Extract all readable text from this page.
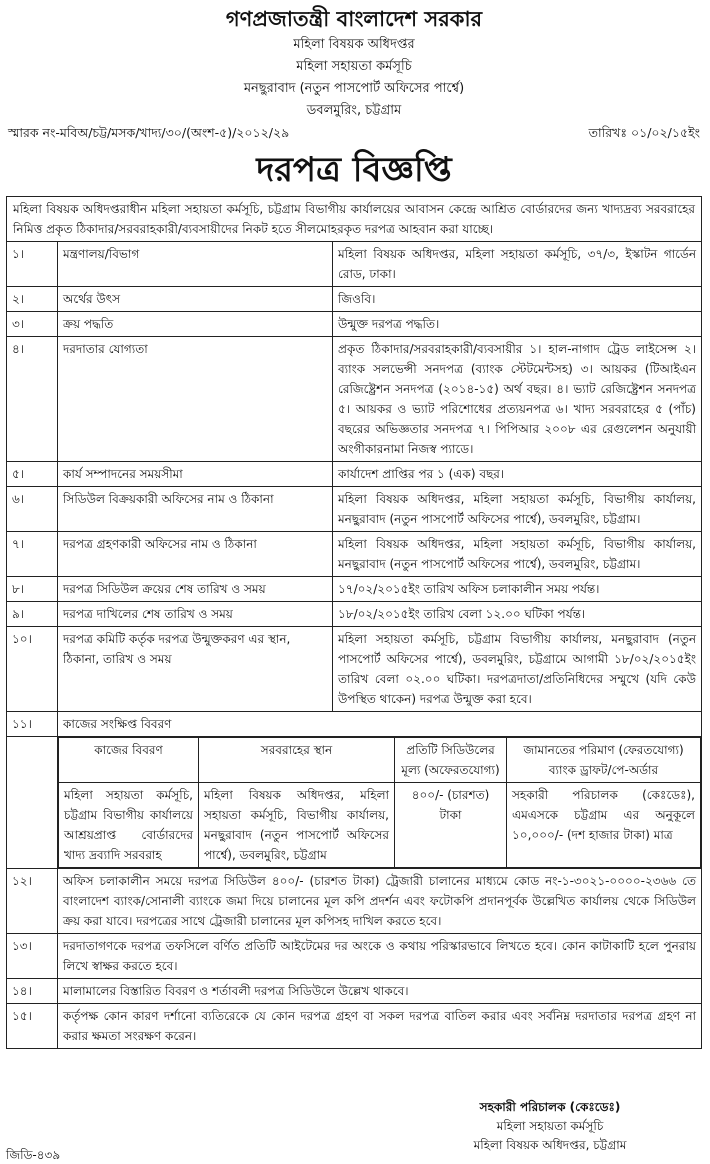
গণপ্রজাতন্ত্রী বাংলাদেশ সরকার
মহিলা বিষয়ক অধিদপ্তর
মহিলা সহায়তা কর্মসূচি
মনছুরাবাদ (নতুন পাসপোর্ট অফিসের পার্শ্বে)
ডবলমুরিং, চট্টগ্রাম
স্মারক নং-মবিঅ/চট্ট/মসক/খাদ্য/৩০/(অংশ-৫)/২০১২/২৯	তারিখঃ ০১/০২/১৫ইং
দরপত্র বিজ্ঞপ্তি
মহিলা বিষয়ক অধিদপ্তরাধীন মহিলা সহায়তা কর্মসূচি, চট্টগ্রাম বিভাগীয় কার্যালয়ের আবাসন কেন্দ্রে আশ্রিত বোর্ডারদের জন্য খাদ্যদ্রব্য সরবরাহের নিমিত্ত প্রকৃত ঠিকাদার/সরবরাহকারী/ব্যবসায়ীদের নিকট হতে সীলমোহরকৃত দরপত্র আহবান করা যাচ্ছে।
১।	মন্ত্রণালয়/বিভাগ	মহিলা বিষয়ক অধিদপ্তর, মহিলা সহায়তা কর্মসূচি, ৩৭/৩, ইস্কাটন গার্ডেন রোড, ঢাকা।
২।	অর্থের উৎস	জিওবি।
৩।	ক্রয় পদ্ধতি	উন্মুক্ত দরপত্র পদ্ধতি।
৪।	দরদাতার যোগ্যতা	প্রকৃত ঠিকাদার/সরবরাহকারী/ব্যবসায়ীর ১। হাল-নাগাদ ট্রেড লাইসেন্স ২। ব্যাংক সলভেন্সী সনদপত্র (ব্যাংক স্টেটমেন্টসহ) ৩। আয়কর (টিআইএন রেজিষ্ট্রেশন সনদপত্র (২০১৪-১৫) অর্থ বছর। ৪। ভ্যাট রেজিষ্ট্রেশন সনদপত্র ৫। আয়কর ও ভ্যাট পরিশোধের প্রত্যয়নপত্র ৬। খাদ্য সরবরাহের ৫ (পাঁচ) বছরের অভিজ্ঞতার সনদপত্র ৭। পিপিআর ২০০৮ এর রেগুলেশন অনুযায়ী অংগীকারনামা নিজস্ব প্যাডে।
৫।	কার্য সম্পাদনের সময়সীমা	কার্যাদেশ প্রাপ্তির পর ১ (এক) বছর।
৬।	সিডিউল বিক্রয়কারী অফিসের নাম ও ঠিকানা	মহিলা বিষয়ক অধিদপ্তর, মহিলা সহায়তা কর্মসূচি, বিভাগীয় কার্যালয়, মনছুরাবাদ (নতুন পাসপোর্ট অফিসের পার্শ্বে), ডবলমুরিং, চট্টগ্রাম।
৭।	দরপত্র গ্রহণকারী অফিসের নাম ও ঠিকানা	মহিলা বিষয়ক অধিদপ্তর, মহিলা সহায়তা কর্মসূচি, বিভাগীয় কার্যালয়, মনছুরাবাদ (নতুন পাসপোর্ট অফিসের পার্শ্বে), ডবলমুরিং, চট্টগ্রাম।
৮।	দরপত্র সিডিউল ক্রয়ের শেষ তারিখ ও সময়	১৭/০২/২০১৫ইং তারিখ অফিস চলাকালীন সময় পর্যন্ত।
৯।	দরপত্র দাখিলের শেষ তারিখ ও সময়	১৮/০২/২০১৫ইং তারিখ বেলা ১২.০০ ঘটিকা পর্যন্ত।
১০।	দরপত্র কমিটি কর্তৃক দরপত্র উন্মুক্তকরণ এর স্থান, ঠিকানা, তারিখ ও সময়	মহিলা সহায়তা কর্মসূচি, চট্টগ্রাম বিভাগীয় কার্যালয়, মনছুরাবাদ (নতুন পাসপোর্ট অফিসের পার্শ্বে), ডবলমুরিং, চট্টগ্রামে আগামী ১৮/০২/২০১৫ইং তারিখ বেলা ০২.০০ ঘটিকা। দরপত্রদাতা/প্রতিনিধিদের সম্মুখে (যদি কেউ উপস্থিত থাকেন) দরপত্র উন্মুক্ত করা হবে।
১১।	কাজের সংক্ষিপ্ত বিবরণ

কাজের বিবরণ	সরবরাহের স্থান	প্রতিটি সিডিউলের মূল্য (অফেরতযোগ্য)	জামানতের পরিমাণ (ফেরতযোগ্য) ব্যাংক ড্রাফট/পে-অর্ডার
মহিলা সহায়তা কর্মসূচি, চট্টগ্রাম বিভাগীয় কার্যালয়ে আশ্রয়প্রাপ্ত বোর্ডারদের খাদ্য দ্রব্যাদি সরবরাহ	মহিলা বিষয়ক অধিদপ্তর, মহিলা সহায়তা কর্মসূচি, বিভাগীয় কার্যালয়, মনছুরাবাদ (নতুন পাসপোর্ট অফিসের পার্শ্বে), ডবলমুরিং, চট্টগ্রাম	৪০০/- (চারশত) টাকা	সহকারী পরিচালক (কেঃডেঃ), এমএসকে চট্টগ্রাম এর অনুকূলে ১০,০০০/- (দশ হাজার টাকা) মাত্র

১২।	অফিস চলাকালীন সময়ে দরপত্র সিডিউল ৪০০/- (চারশত টাকা) ট্রেজারী চালানের মাধ্যমে কোড নং-১-৩০২১-০০০০-২৩৬৬ তে বাংলাদেশ ব্যাংক/সোনালী ব্যাংকে জমা দিয়ে চালানের মূল কপি প্রদর্শন এবং ফটোকপি প্রদানপূর্বক উল্লেখিত কার্যালয় থেকে সিডিউল ক্রয় করা যাবে। দরপত্রের সাথে ট্রেজারী চালানের মূল কপিসহ দাখিল করতে হবে।
১৩।	দরদাতাগণকে দরপত্র তফসিলে বর্ণিত প্রতিটি আইটেমের দর অংকে ও কথায় পরিস্কারভাবে লিখতে হবে। কোন কাটাকাটি হলে পুনরায় লিখে স্বাক্ষর করতে হবে।
১৪।	মালামালের বিস্তারিত বিবরণ ও শর্তাবলী দরপত্র সিডিউলে উল্লেখ থাকবে।
১৫।	কর্তৃপক্ষ কোন কারণ দর্শানো ব্যতিরেকে যে কোন দরপত্র গ্রহণ বা সকল দরপত্র বাতিল করার এবং সর্বনিম্ন দরদাতার দরপত্র গ্রহণ না করার ক্ষমতা সংরক্ষণ করেন।
সহকারী পরিচালক (কেঃডেঃ)
মহিলা সহায়তা কর্মসূচি
মহিলা বিষয়ক অধিদপ্তর, চট্টগ্রাম
জিডি-৪৩৯
